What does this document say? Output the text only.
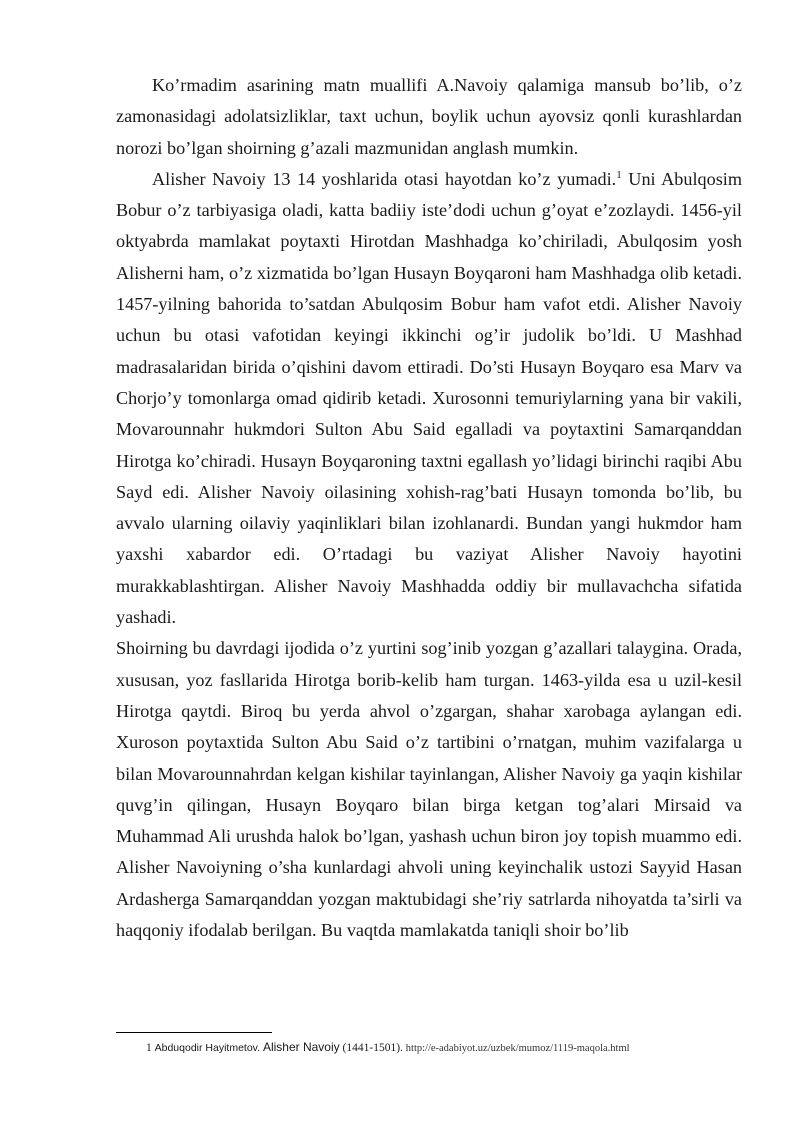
Ko’rmadim asarining matn muallifi A.Navoiy qalamiga mansub bo’lib, o’z zamonasidagi adolatsizliklar, taxt uchun, boylik uchun ayovsiz qonli kurashlardan norozi bo’lgan shoirning g’azali mazmunidan anglash mumkin.

Alisher Navoiy 13 14 yoshlarida otasi hayotdan ko’z yumadi.$^1$ Uni Abulqosim Bobur o’z tarbiyasiga oladi, katta badiiy iste’dodi uchun g’oyat e’zozlaydi. 1456-yil oktyabrda mamlakat poytaxti Hirotdan Mashhadga ko’chiriladi, Abulqosim yosh Alisherni ham, o’z xizmatida bo’lgan Husayn Boyqaroni ham Mashhadga olib ketadi. 1457-yilning bahorida to’satdan Abulqosim Bobur ham vafot etdi. Alisher Navoiy uchun bu otasi vafotidan keyingi ikkinchi og’ir judolik bo’ldi. U Mashhad madrasalaridan birida o’qishini davom ettiradi. Do’sti Husayn Boyqaro esa Marv va Chorjo’y tomonlarga omad qidirib ketadi. Xurosonni temuriylarning yana bir vakili, Movarounnahr hukmdori Sulton Abu Said egalladi va poytaxtini Samarqanddan Hirotga ko’chiradi. Husayn Boyqaroning taxtni egallash yo’lidagi birinchi raqibi Abu Sayd edi. Alisher Navoiy oilasining xohish-rag’bati Husayn tomonda bo’lib, bu avvalo ularning oilaviy yaqinliklari bilan izohlanardi. Bundan yangi hukmdor ham yaxshi xabardor edi. O’rtadagi bu vaziyat Alisher Navoiy hayotini murakkablashtirgan. Alisher Navoiy Mashhadda oddiy bir mullavachcha sifatida yashadi.

Shoirning bu davrdagi ijodida o’z yurtini sog’inib yozgan g’azallari talaygina. Orada, xususan, yoz fasllarida Hirotga borib-kelib ham turgan. 1463-yilda esa u uzil-kesil Hirotga qaytdi. Biroq bu yerda ahvol o’zgargan, shahar xarobaga aylangan edi. Xuroson poytaxtida Sulton Abu Said o’z tartibini o’rnatgan, muhim vazifalarga u bilan Movarounnahrdan kelgan kishilar tayinlangan, Alisher Navoiy ga yaqin kishilar quvg’in qilingan, Husayn Boyqaro bilan birga ketgan tog’alari Mirsaid va Muhammad Ali urushda halok bo’lgan, yashash uchun biron joy topish muammo edi. Alisher Navoiyning o’sha kunlardagi ahvoli uning keyinchalik ustozi Sayyid Hasan Ardasherga Samarqanddan yozgan maktubidagi she’riy satrlarda nihoyatda ta’sirli va haqqoniy ifodalab berilgan. Bu vaqtda mamlakatda taniqli shoir bo’lib

1 Abduqodir Hayitmetov. Alisher Navoiy (1441-1501). http://e-adabiyot.uz/uzbek/mumoz/1119-maqola.html
